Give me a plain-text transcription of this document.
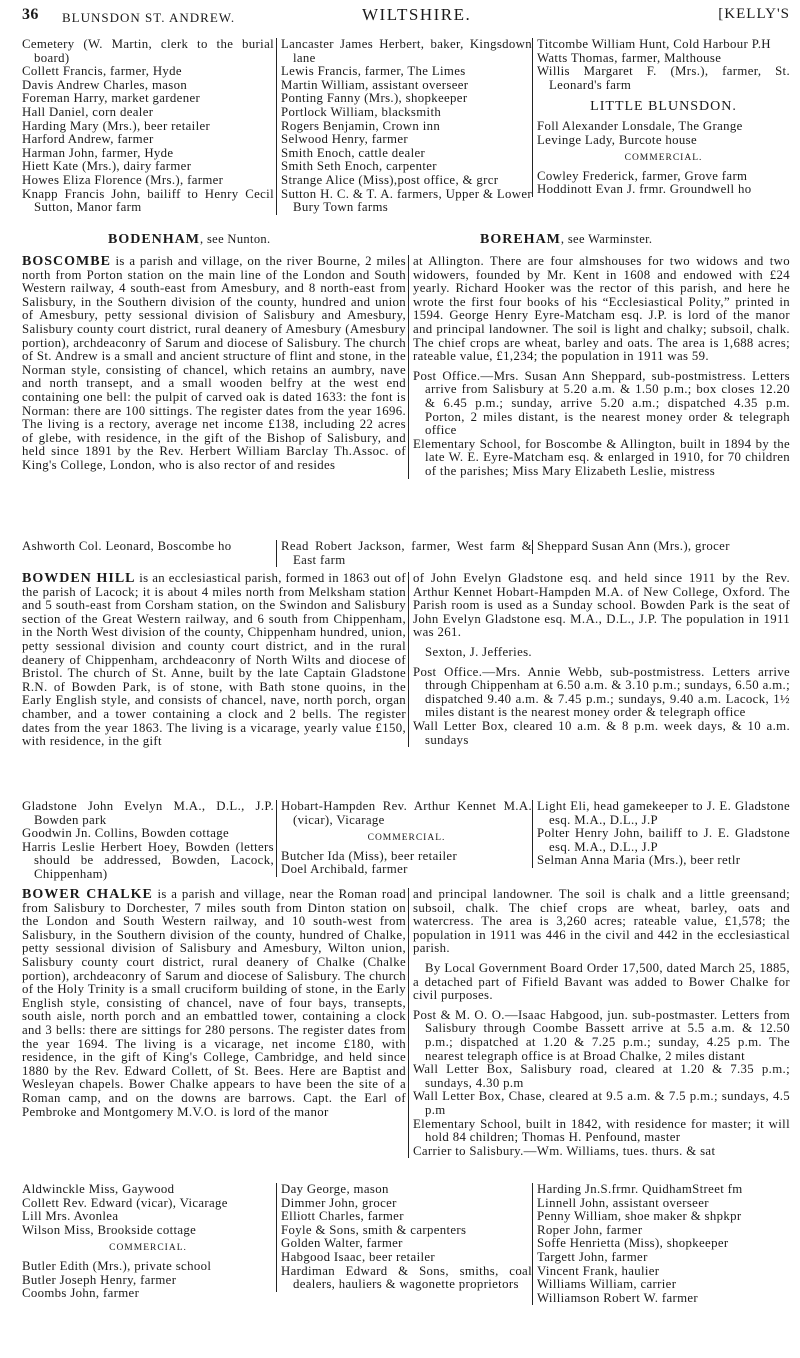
36 BLUNSDON ST. ANDREW.	WILTSHIRE.	[KELLY'S
Cemetery (W. Martin, clerk to the burial board)
Collett Francis, farmer, Hyde
Davis Andrew Charles, mason
Foreman Harry, market gardener
Hall Daniel, corn dealer
Harding Mary (Mrs.), beer retailer
Harford Andrew, farmer
Harman John, farmer, Hyde
Hiett Kate (Mrs.), dairy farmer
Howes Eliza Florence (Mrs.), farmer
Knapp Francis John, bailiff to Henry Cecil Sutton, Manor farm
Lancaster James Herbert, baker, Kingsdown lane
Lewis Francis, farmer, The Limes
Martin William, assistant overseer
Ponting Fanny (Mrs.), shopkeeper
Portlock William, blacksmith
Rogers Benjamin, Crown inn
Selwood Henry, farmer
Smith Enoch, cattle dealer
Smith Seth Enoch, carpenter
Strange Alice (Miss),post office, & grcr
Sutton H. C. & T. A. farmers, Upper & Lower Bury Town farms
Titcombe William Hunt, Cold Harbour P.H
Watts Thomas, farmer, Malthouse
Willis Margaret F. (Mrs.), farmer, St. Leonard's farm
LITTLE BLUNSDON.
Foll Alexander Lonsdale, The Grange
Levinge Lady, Burcote house
COMMERCIAL.
Cowley Frederick, farmer, Grove farm
Hoddinott Evan J. frmr. Groundwell ho
BODENHAM, see Nunton.	BOREHAM, see Warminster.

BOSCOMBE is a parish and village, on the river Bourne, 2 miles north from Porton station on the main line of the London and South Western railway, 4 south-east from Amesbury, and 8 north-east from Salisbury, in the Southern division of the county, hundred and union of Amesbury, petty sessional division of Salisbury and Amesbury, Salisbury county court district, rural deanery of Amesbury (Amesbury portion), archdeaconry of Sarum and diocese of Salisbury. The church of St. Andrew is a small and ancient structure of flint and stone, in the Norman style, consisting of chancel, which retains an aumbry, nave and north transept, and a small wooden belfry at the west end containing one bell: the pulpit of carved oak is dated 1633: the font is Norman: there are 100 sittings. The register dates from the year 1696. The living is a rectory, average net income £138, including 22 acres of glebe, with residence, in the gift of the Bishop of Salisbury, and held since 1891 by the Rev. Herbert William Barclay Th.Assoc. of King's College, London, who is also rector of and resides

at Allington. There are four almshouses for two widows and two widowers, founded by Mr. Kent in 1608 and endowed with £24 yearly. Richard Hooker was the rector of this parish, and here he wrote the first four books of his “Ecclesiastical Polity,” printed in 1594. George Henry Eyre-Matcham esq. J.P. is lord of the manor and principal landowner. The soil is light and chalky; subsoil, chalk. The chief crops are wheat, barley and oats. The area is 1,688 acres; rateable value, £1,234; the population in 1911 was 59.
Post Office.—Mrs. Susan Ann Sheppard, sub-postmistress. Letters arrive from Salisbury at 5.20 a.m. & 1.50 p.m.; box closes 12.20 & 6.45 p.m.; sunday, arrive 5.20 a.m.; dispatched 4.35 p.m. Porton, 2 miles distant, is the nearest money order & telegraph office
Elementary School, for Boscombe & Allington, built in 1894 by the late W. E. Eyre-Matcham esq. & enlarged in 1910, for 70 children of the parishes; Miss Mary Elizabeth Leslie, mistress
Ashworth Col. Leonard, Boscombe ho	Read Robert Jackson, farmer, West farm & East farm
Sheppard Susan Ann (Mrs.), grocer

BOWDEN HILL is an ecclesiastical parish, formed in 1863 out of the parish of Lacock; it is about 4 miles north from Melksham station and 5 south-east from Corsham station, on the Swindon and Salisbury section of the Great Western railway, and 6 south from Chippenham, in the North West division of the county, Chippenham hundred, union, petty sessional division and county court district, and in the rural deanery of Chippenham, archdeaconry of North Wilts and diocese of Bristol. The church of St. Anne, built by the late Captain Gladstone R.N. of Bowden Park, is of stone, with Bath stone quoins, in the Early English style, and consists of chancel, nave, north porch, organ chamber, and a tower containing a clock and 2 bells. The register dates from the year 1863. The living is a vicarage, yearly value £150, with residence, in the gift

of John Evelyn Gladstone esq. and held since 1911 by the Rev. Arthur Kennet Hobart-Hampden M.A. of New College, Oxford. The Parish room is used as a Sunday school. Bowden Park is the seat of John Evelyn Gladstone esq. M.A., D.L., J.P. The population in 1911 was 261.
Sexton, J. Jefferies.
Post Office.—Mrs. Annie Webb, sub-postmistress. Letters arrive through Chippenham at 6.50 a.m. & 3.10 p.m.; sundays, 6.50 a.m.; dispatched 9.40 a.m. & 7.45 p.m.; sundays, 9.40 a.m. Lacock, 1½ miles distant is the nearest money order & telegraph office
Wall Letter Box, cleared 10 a.m. & 8 p.m. week days, & 10 a.m. sundays
Gladstone John Evelyn M.A., D.L., J.P. Bowden park
Goodwin Jn. Collins, Bowden cottage
Harris Leslie Herbert Hoey, Bowden (letters should be addressed, Bowden, Lacock, Chippenham)
Hobart-Hampden Rev. Arthur Kennet M.A. (vicar), Vicarage
COMMERCIAL.
Butcher Ida (Miss), beer retailer
Doel Archibald, farmer
Light Eli, head gamekeeper to J. E. Gladstone esq. M.A., D.L., J.P
Polter Henry John, bailiff to J. E. Gladstone esq. M.A., D.L., J.P
Selman Anna Maria (Mrs.), beer retlr

BOWER CHALKE is a parish and village, near the Roman road from Salisbury to Dorchester, 7 miles south from Dinton station on the London and South Western railway, and 10 south-west from Salisbury, in the Southern division of the county, hundred of Chalke, petty sessional division of Salisbury and Amesbury, Wilton union, Salisbury county court district, rural deanery of Chalke (Chalke portion), archdeaconry of Sarum and diocese of Salisbury. The church of the Holy Trinity is a small cruciform building of stone, in the Early English style, consisting of chancel, nave of four bays, transepts, south aisle, north porch and an embattled tower, containing a clock and 3 bells: there are sittings for 280 persons. The register dates from the year 1694. The living is a vicarage, net income £180, with residence, in the gift of King's College, Cambridge, and held since 1880 by the Rev. Edward Collett, of St. Bees. Here are Baptist and Wesleyan chapels. Bower Chalke appears to have been the site of a Roman camp, and on the downs are barrows. Capt. the Earl of Pembroke and Montgomery M.V.O. is lord of the manor

and principal landowner. The soil is chalk and a little greensand; subsoil, chalk. The chief crops are wheat, barley, oats and watercress. The area is 3,260 acres; rateable value, £1,578; the population in 1911 was 446 in the civil and 442 in the ecclesiastical parish.
By Local Government Board Order 17,500, dated March 25, 1885, a detached part of Fifield Bavant was added to Bower Chalke for civil purposes.
Post & M. O. O.—Isaac Habgood, jun. sub-postmaster. Letters from Salisbury through Coombe Bassett arrive at 5.5 a.m. & 12.50 p.m.; dispatched at 1.20 & 7.25 p.m.; sunday, 4.25 p.m. The nearest telegraph office is at Broad Chalke, 2 miles distant
Wall Letter Box, Salisbury road, cleared at 1.20 & 7.35 p.m.; sundays, 4.30 p.m
Wall Letter Box, Chase, cleared at 9.5 a.m. & 7.5 p.m.; sundays, 4.5 p.m
Elementary School, built in 1842, with residence for master; it will hold 84 children; Thomas H. Penfound, master
Carrier to Salisbury.—Wm. Williams, tues. thurs. & sat
Aldwinckle Miss, Gaywood
Collett Rev. Edward (vicar), Vicarage
Lill Mrs. Avonlea
Wilson Miss, Brookside cottage
COMMERCIAL.
Butler Edith (Mrs.), private school
Butler Joseph Henry, farmer
Coombs John, farmer
Day George, mason
Dimmer John, grocer
Elliott Charles, farmer
Foyle & Sons, smith & carpenters
Golden Walter, farmer
Habgood Isaac, beer retailer
Hardiman Edward & Sons, smiths, coal dealers, hauliers & wagonette proprietors
Harding Jn.S.frmr. QuidhamStreet fm
Linnell John, assistant overseer
Penny William, shoe maker & shpkpr
Roper John, farmer
Soffe Henrietta (Miss), shopkeeper
Targett John, farmer
Vincent Frank, haulier
Williams William, carrier
Williamson Robert W. farmer
